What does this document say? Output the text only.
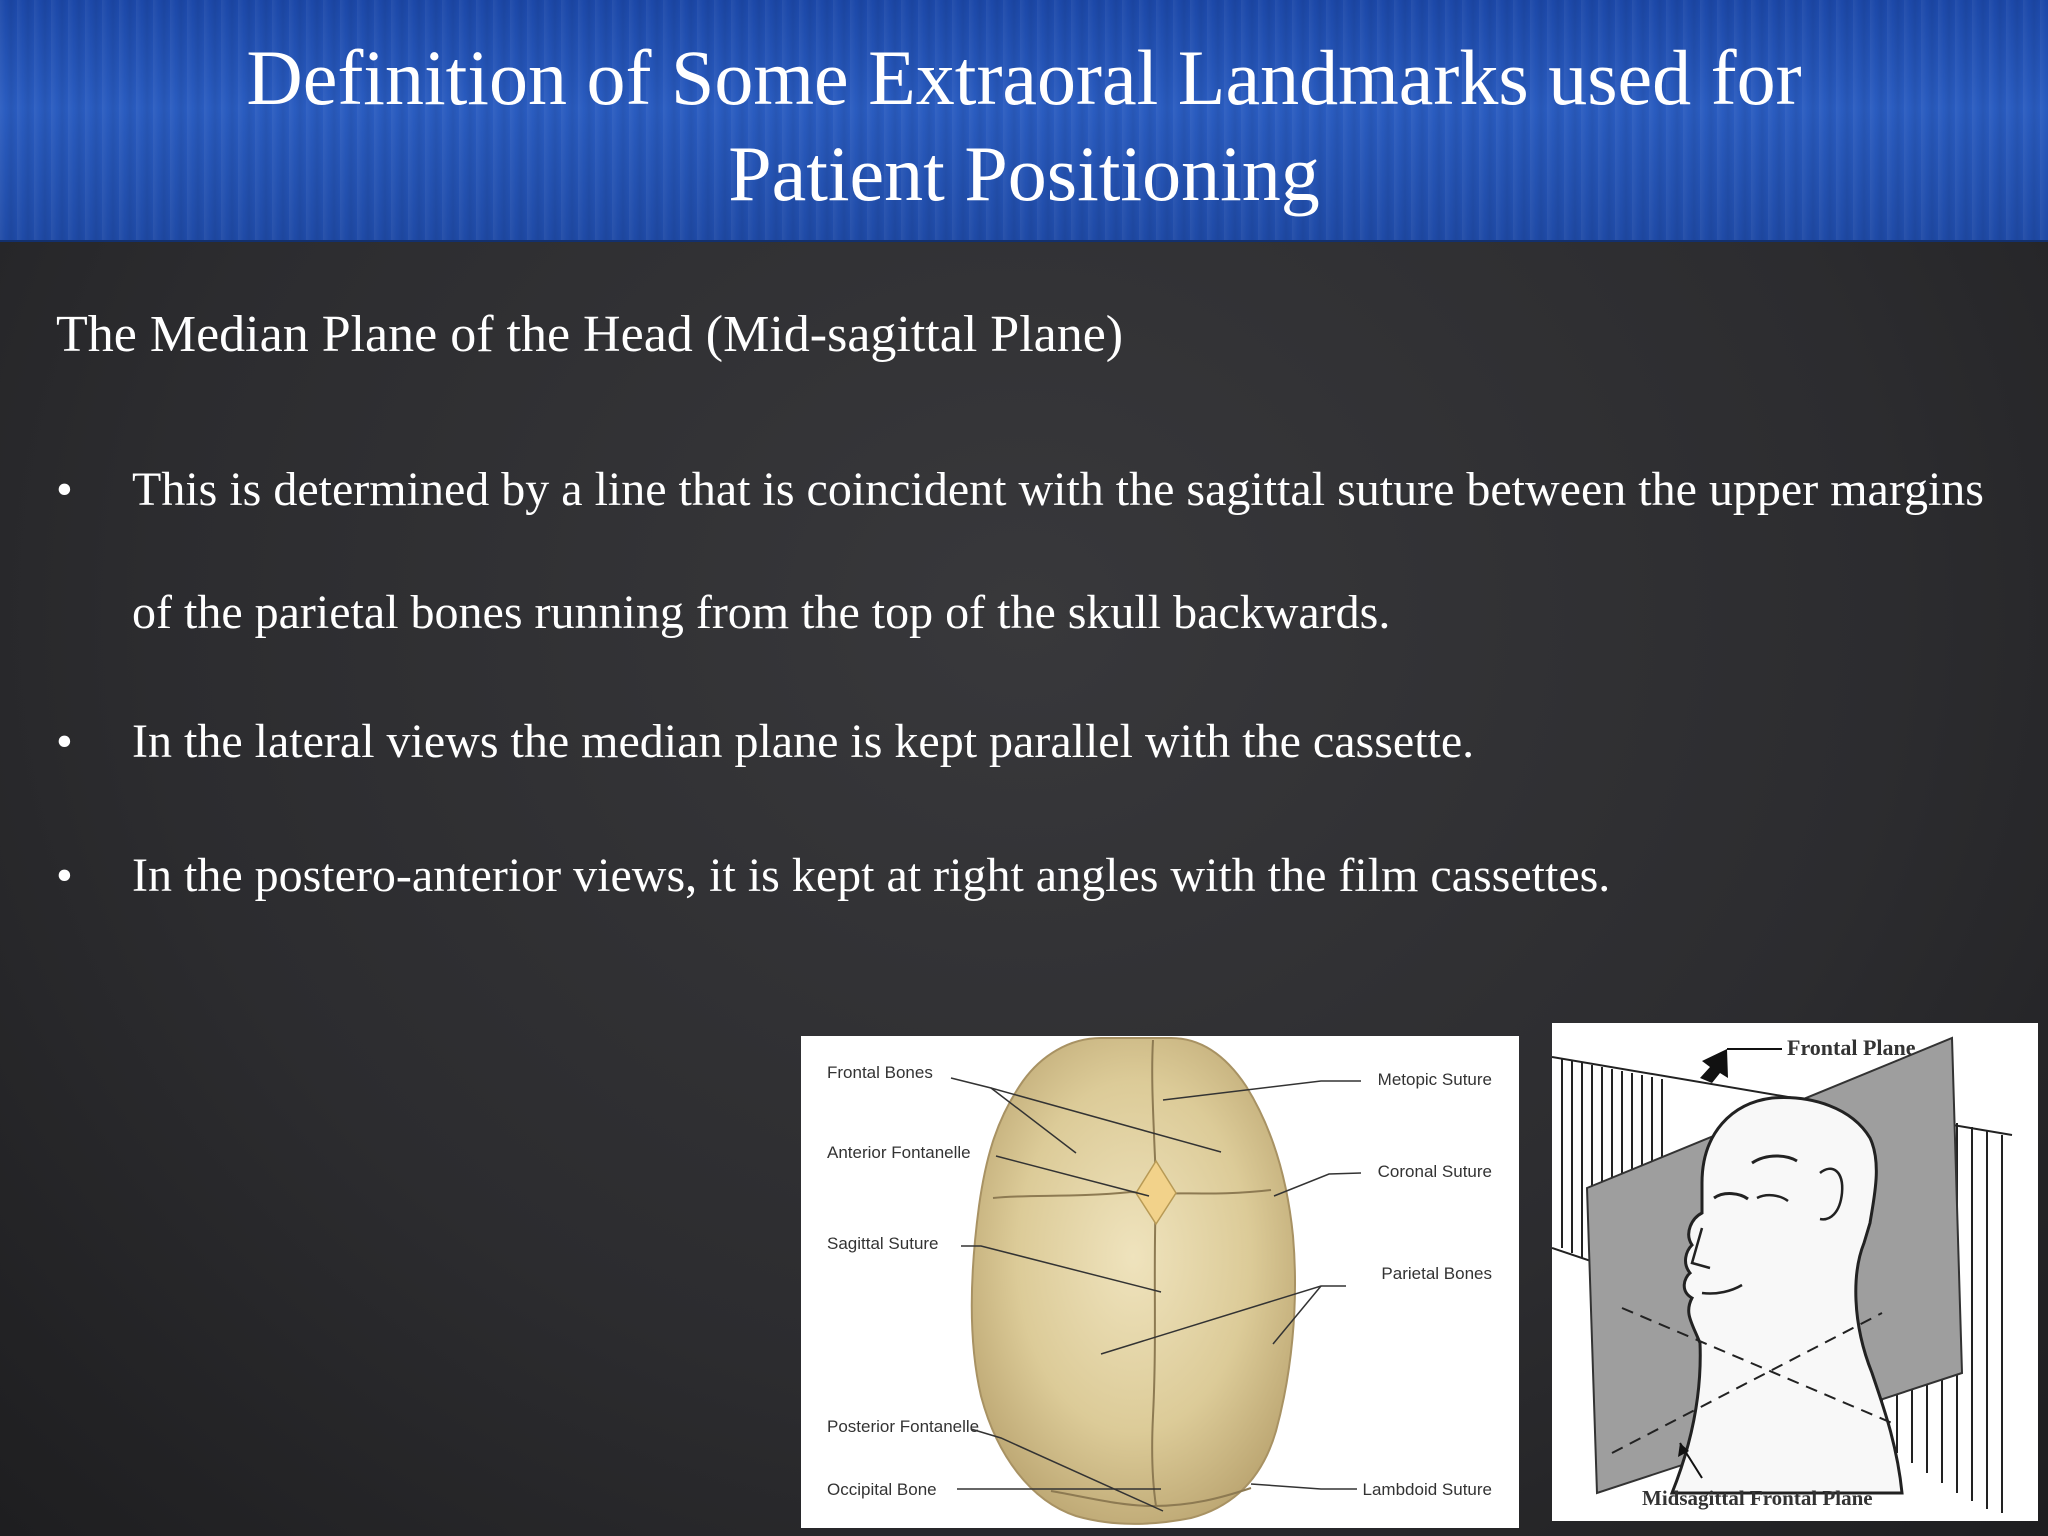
Definition of Some Extraoral Landmarks used for
Patient Positioning
The Median Plane of the Head (Mid-sagittal Plane)
• This is determined by a line that is coincident with the sagittal suture between the upper margins of the parietal bones running from the top of the skull backwards.
• In the lateral views the median plane is kept parallel with the cassette.
• In the postero-anterior views, it is kept at right angles with the film cassettes.
Frontal Bones
Anterior Fontanelle
Sagittal Suture
Posterior Fontanelle
Occipital Bone
Metopic Suture
Coronal Suture
Parietal Bones
Lambdoid Suture
Frontal Plane
Midsagittal Frontal Plane
